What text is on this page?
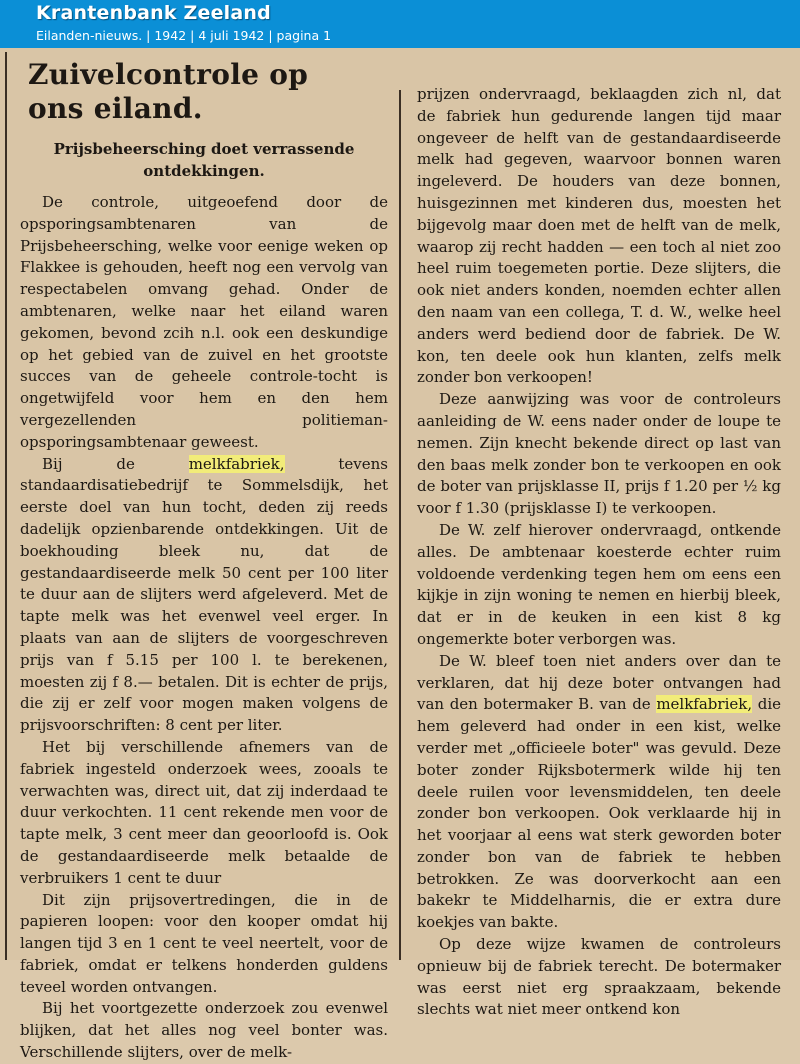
Krantenbank Zeeland
Eilanden-nieuws. | 1942 | 4 juli 1942 | pagina 1
Zuivelcontrole op
ons eiland.
Prijsbeheersching doet verrassende
ontdekkingen.

De controle, uitgeoefend door de opsporingsambtenaren van de Prijsbeheersching, welke voor eenige weken op Flakkee is gehouden, heeft nog een vervolg van respectabelen omvang gehad. Onder de ambtenaren, welke naar het eiland waren gekomen, bevond zcih n.l. ook een deskundige op het gebied van de zuivel en het grootste succes van de geheele controle-tocht is ongetwijfeld voor hem en den hem vergezellenden politieman-opsporingsambtenaar geweest.

Bij de melkfabriek, tevens standaardisatiebedrijf te Sommelsdijk, het eerste doel van hun tocht, deden zij reeds dadelijk opzienbarende ontdekkingen. Uit de boekhouding bleek nu, dat de gestandaardiseerde melk 50 cent per 100 liter te duur aan de slijters werd afgeleverd. Met de tapte melk was het evenwel veel erger. In plaats van aan de slijters de voorgeschreven prijs van f 5.15 per 100 l. te berekenen, moesten zij f 8.— betalen. Dit is echter de prijs, die zij er zelf voor mogen maken volgens de prijsvoorschriften: 8 cent per liter.

Het bij verschillende afnemers van de fabriek ingesteld onderzoek wees, zooals te verwachten was, direct uit, dat zij inderdaad te duur verkochten. 11 cent rekende men voor de tapte melk, 3 cent meer dan geoorloofd is. Ook de gestandaardiseerde melk betaalde de verbruikers 1 cent te duur

Dit zijn prijsovertredingen, die in de papieren loopen: voor den kooper omdat hij langen tijd 3 en 1 cent te veel neertelt, voor de fabriek, omdat er telkens honderden guldens teveel worden ontvangen.

Bij het voortgezette onderzoek zou evenwel blijken, dat het alles nog veel bonter was. Verschillende slijters, over de melk-

prijzen ondervraagd, beklaagden zich nl, dat de fabriek hun gedurende langen tijd maar ongeveer de helft van de gestandaardiseerde melk had gegeven, waarvoor bonnen waren ingeleverd. De houders van deze bonnen, huisgezinnen met kinderen dus, moesten het bijgevolg maar doen met de helft van de melk, waarop zij recht hadden — een toch al niet zoo heel ruim toegemeten portie. Deze slijters, die ook niet anders konden, noemden echter allen den naam van een collega, T. d. W., welke heel anders werd bediend door de fabriek. De W. kon, ten deele ook hun klanten, zelfs melk zonder bon verkoopen!

Deze aanwijzing was voor de controleurs aanleiding de W. eens nader onder de loupe te nemen. Zijn knecht bekende direct op last van den baas melk zonder bon te verkoopen en ook de boter van prijsklasse II, prijs f 1.20 per ½ kg voor f 1.30 (prijsklasse I) te verkoopen.

De W. zelf hierover ondervraagd, ontkende alles. De ambtenaar koesterde echter ruim voldoende verdenking tegen hem om eens een kijkje in zijn woning te nemen en hierbij bleek, dat er in de keuken in een kist 8 kg ongemerkte boter verborgen was.

De W. bleef toen niet anders over dan te verklaren, dat hij deze boter ontvangen had van den botermaker B. van de melkfabriek, die hem geleverd had onder in een kist, welke verder met „officieele boter" was gevuld. Deze boter zonder Rijksbotermerk wilde hij ten deele ruilen voor levensmiddelen, ten deele zonder bon verkoopen. Ook verklaarde hij in het voorjaar al eens wat sterk geworden boter zonder bon van de fabriek te hebben betrokken. Ze was doorverkocht aan een bakekr te Middelharnis, die er extra dure koekjes van bakte.

Op deze wijze kwamen de controleurs opnieuw bij de fabriek terecht. De botermaker was eerst niet erg spraakzaam, bekende slechts wat niet meer ontkend kon
